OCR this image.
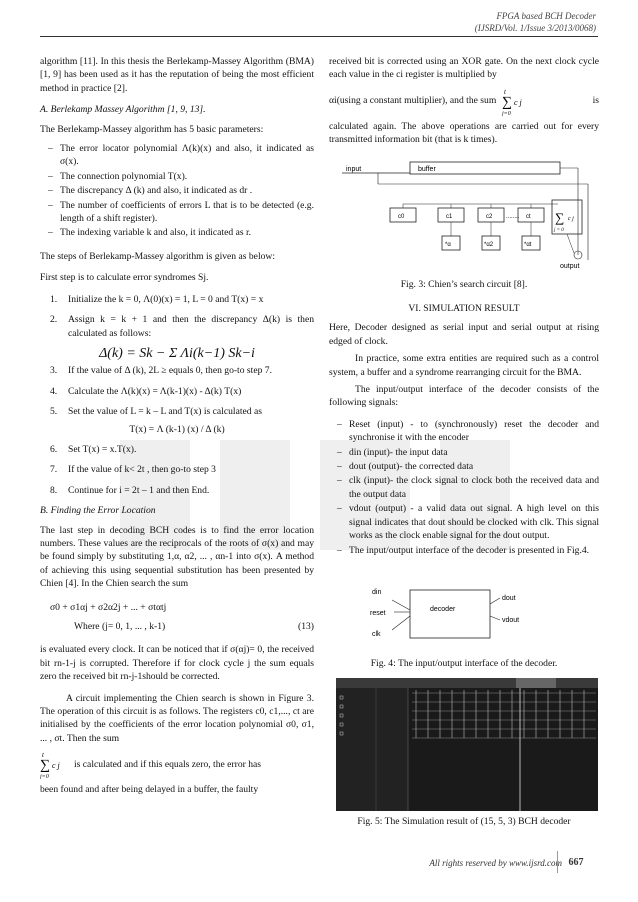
FPGA based BCH Decoder
(IJSRD/Vol. 1/Issue 3/2013/0068)

algorithm [11]. In this thesis the Berlekamp-Massey Algorithm (BMA) [1, 9] has been used as it has the reputation of being the most efficient method in practice [2].

A. Berlekamp Massey Algorithm [1, 9, 13].

The Berlekamp-Massey algorithm has 5 basic parameters:

– The error locator polynomial Λ(k)(x) and also, it indicated as σ(x).
– The connection polynomial T(x).
– The discrepancy Δ (k) and also, it indicated as dr .
– The number of coefficients of errors L that is to be detected (e.g. length of a shift register).
– The indexing variable k and also, it indicated as r.

The steps of Berlekamp-Massey algorithm is given as below:

First step is to calculate error syndromes Sj.

1. Initialize the k = 0, Λ(0)(x) = 1, L = 0 and T(x) = x
2. Assign k = k + 1 and then the discrepancy Δ(k) is then calculated as follows:
Δ(k) = Sk − Σ Λi(k−1) Sk−i
3. If the value of Δ (k), 2L ≥ equals 0, then go-to step 7.
4. Calculate the Λ(k)(x) = Λ(k-1)(x) - Δ(k) T(x)
5. Set the value of L = k – L and T(x) is calculated as
T(x) = Λ (k-1) (x) / Δ (k)
6. Set T(x) = x.T(x).
7. If the value of k< 2t , then go-to step 3
8. Continue for i = 2t – 1 and then End.
B. Finding the Error Location

The last step in decoding BCH codes is to find the error location numbers. These values are the reciprocals of the roots of σ(x) and may be found simply by substituting 1,α, α2, ... , αn-1 into σ(x). A method of achieving this using sequential substitution has been presented by Chien [4]. In the Chien search the sum

σ0 + σ1αj + σ2α2j + ... + σtαtj
Where (j= 0, 1, ... , k-1)	(13)

is evaluated every clock. It can be noticed that if σ(αj)= 0, the received bit rn-1-j is corrupted. Therefore if for clock cycle j the sum equals zero the received bit rn-j-1should be corrected.

A circuit implementing the Chien search is shown in Figure 3. The operation of this circuit is as follows. The registers c0, c1,..., ct are initialised by the coefficients of the error location polynomial σ0, σ1, ... , σt. Then the sum

t
∑ c j
j=0
is calculated and if this equals zero, the error has

been found and after being delayed in a buffer, the faulty

received bit is corrected using an XOR gate. On the next clock cycle each value in the ci register is multiplied by

αi(using a constant multiplier), and the sum
t
∑ c j
j=0
is

calculated again. The above operations are carried out for every transmitted information bit (that is k times).

input	buffer
output
c0	c1	c2	ct
*α	*α2	*αt
........	∑ c j
j = 0
Fig. 3: Chien’s search circuit [8].
VI. SIMULATION RESULT

Here, Decoder designed as serial input and serial output at rising edged of clock.

In practice, some extra entities are required such as a control system, a buffer and a syndrome rearranging circuit for the BMA.

The input/output interface of the decoder consists of the following signals:

– Reset (input) - to (synchronously) reset the decoder and synchronise it with the encoder
– din (input)- the input data
– dout (output)- the corrected data
– clk (input)- the clock signal to clock both the received data and the output data
– vdout (output) - a valid data out signal. A high level on this signal indicates that dout should be clocked with clk. This signal works as the clock enable signal for the dout output.
– The input/output interface of the decoder is presented in Fig.4.
din
reset
clk
decoder
dout
vdout
Fig. 4: The input/output interface of the decoder.
Fig. 5: The Simulation result of (15, 5, 3) BCH decoder
All rights reserved by www.ijsrd.com 667
